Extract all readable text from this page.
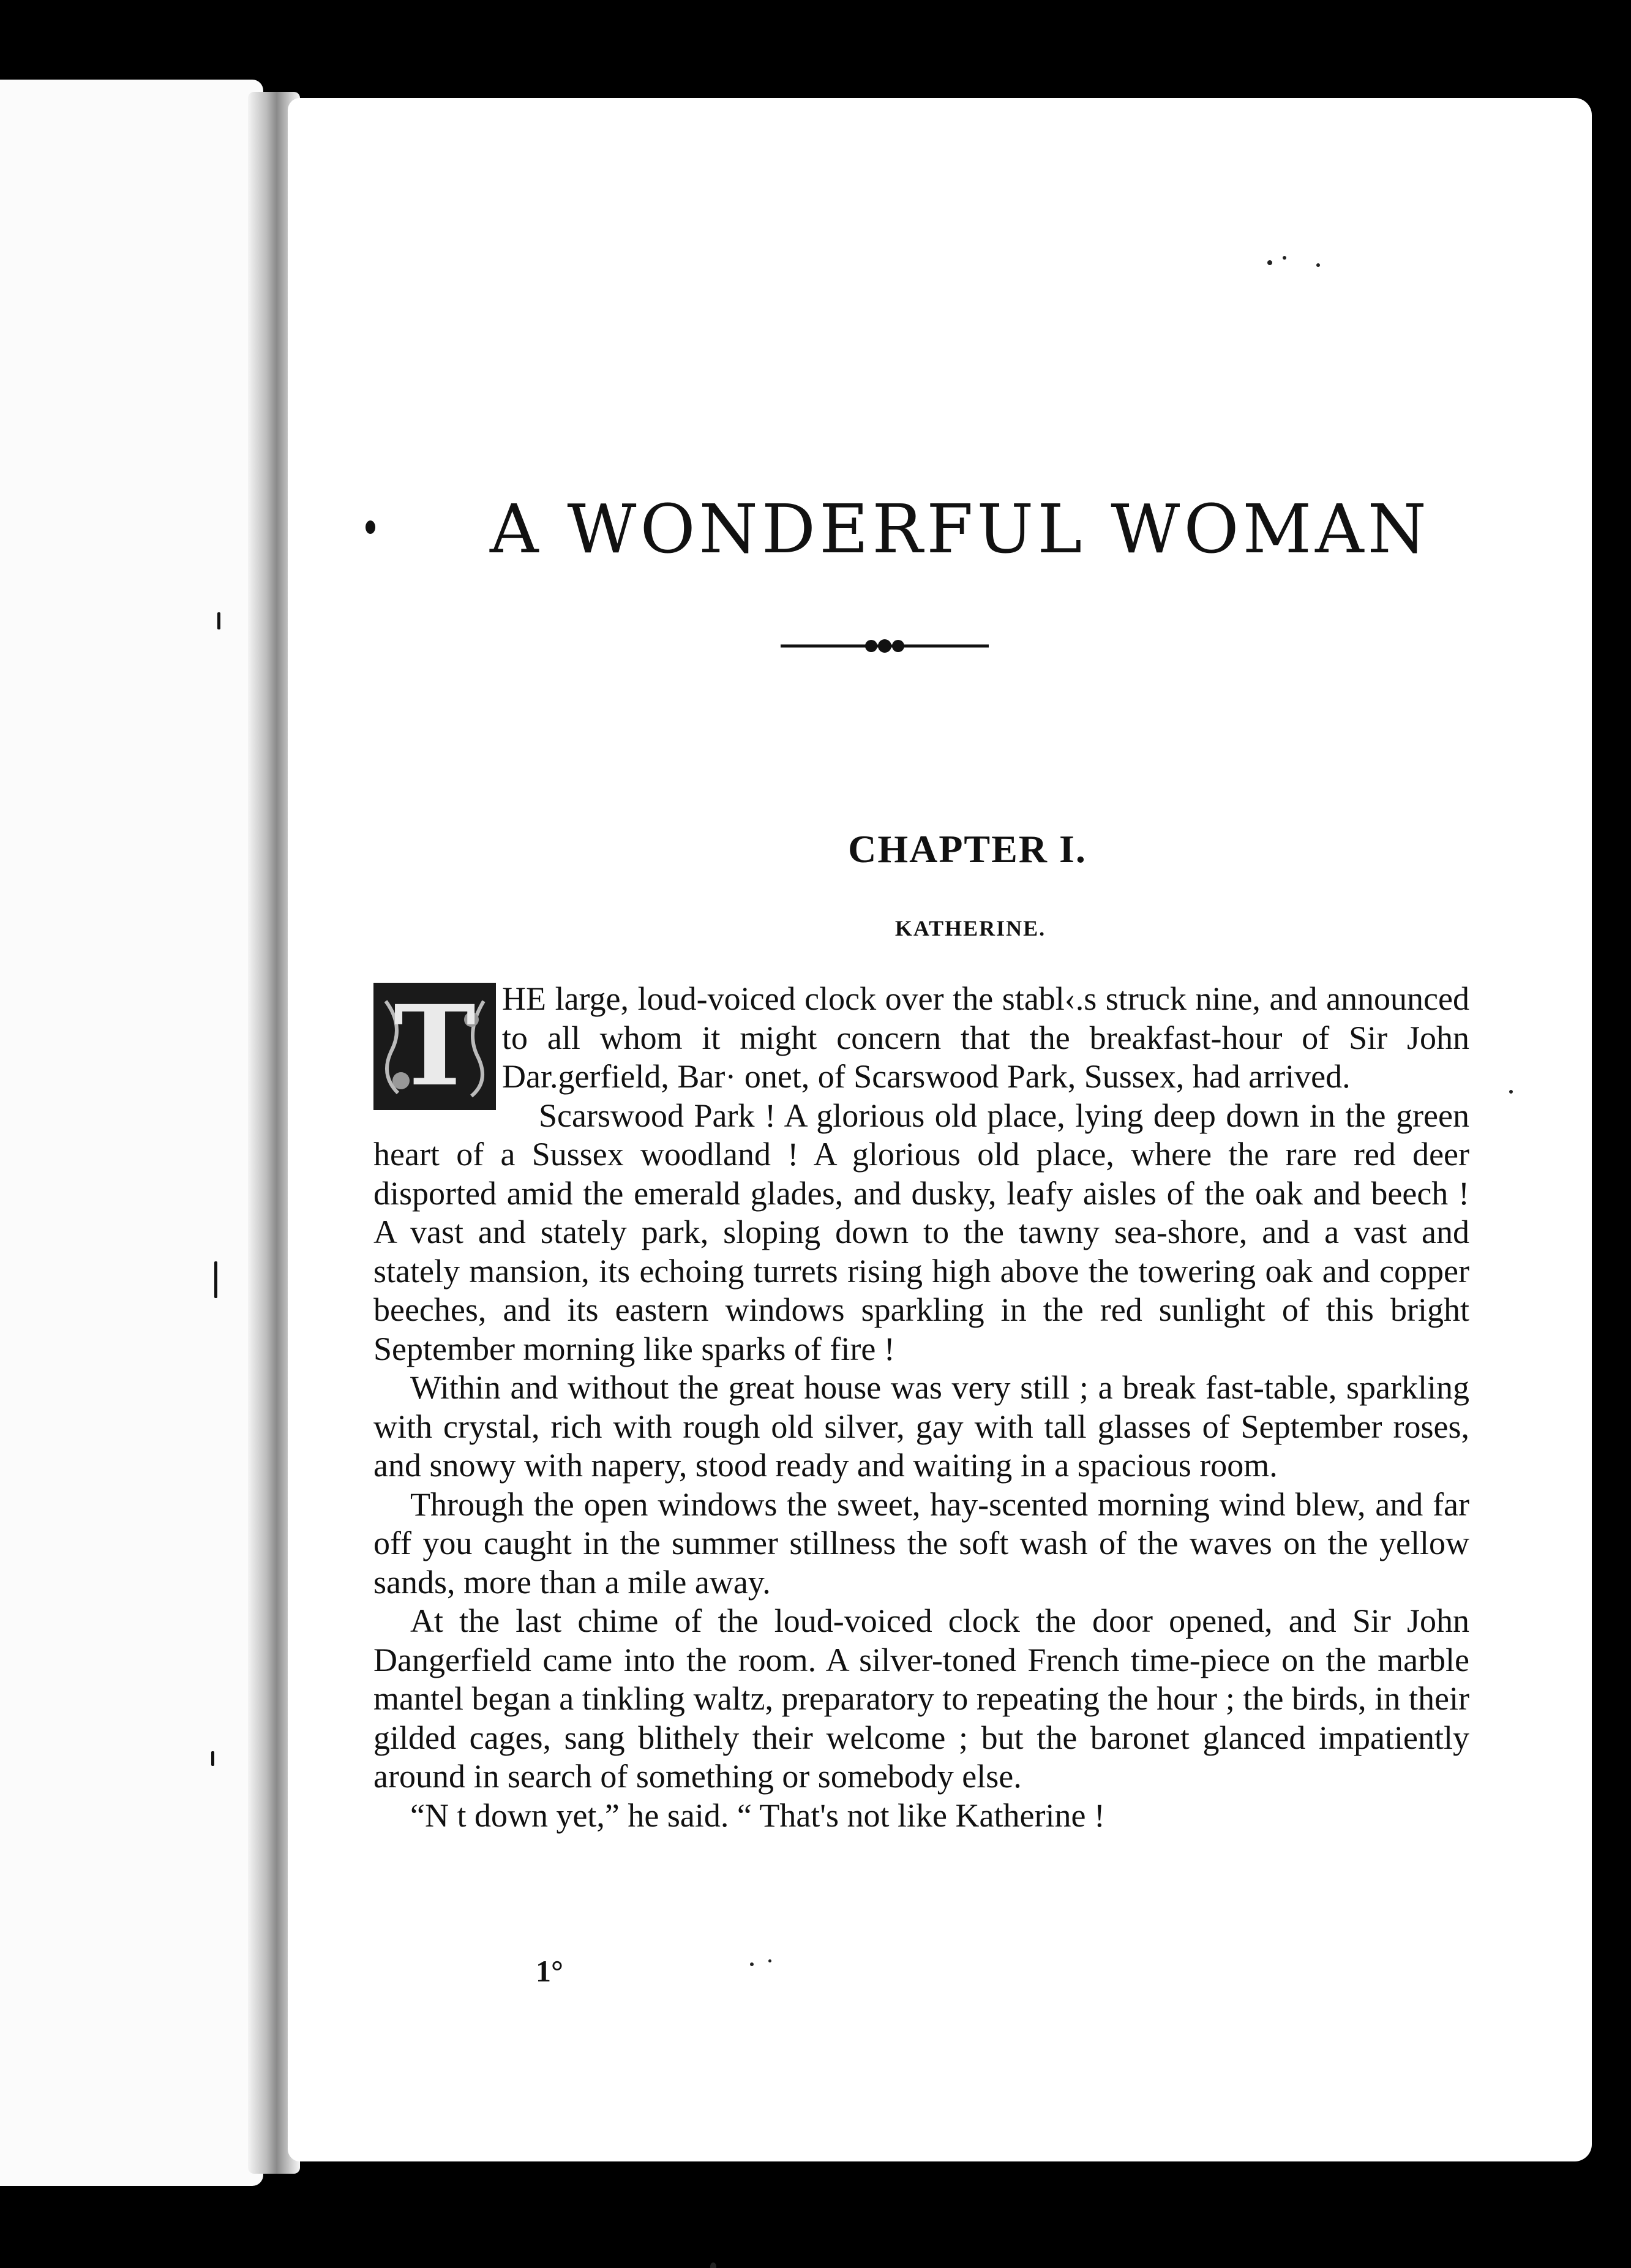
A WONDERFUL WOMAN
CHAPTER I.
KATHERINE.
T HE large, loud-voiced clock over the stabl‹.s struck nine, and announced to all whom it might concern that the breakfast-hour of Sir John Dar.gerfield, Bar· onet, of Scarswood Park, Sussex, had arrived.

Scarswood Park ! A glorious old place, lying deep down in the green heart of a Sussex woodland ! A glorious old place, where the rare red deer disported amid the emerald glades, and dusky, leafy aisles of the oak and beech ! A vast and stately park, sloping down to the tawny sea-shore, and a vast and stately mansion, its echoing turrets rising high above the towering oak and copper beeches, and its eastern windows sparkling in the red sunlight of this bright September morning like sparks of fire !

Within and without the great house was very still ; a break fast-table, sparkling with crystal, rich with rough old silver, gay with tall glasses of September roses, and snowy with napery, stood ready and waiting in a spacious room.

Through the open windows the sweet, hay-scented morning wind blew, and far off you caught in the summer stillness the soft wash of the waves on the yellow sands, more than a mile away.

At the last chime of the loud-voiced clock the door opened, and Sir John Dangerfield came into the room. A silver-toned French time-piece on the marble mantel began a tinkling waltz, preparatory to repeating the hour ; the birds, in their gilded cages, sang blithely their welcome ; but the baronet glanced impatiently around in search of something or somebody else.

“N t down yet,” he said. “ That's not like Katherine !

1°
